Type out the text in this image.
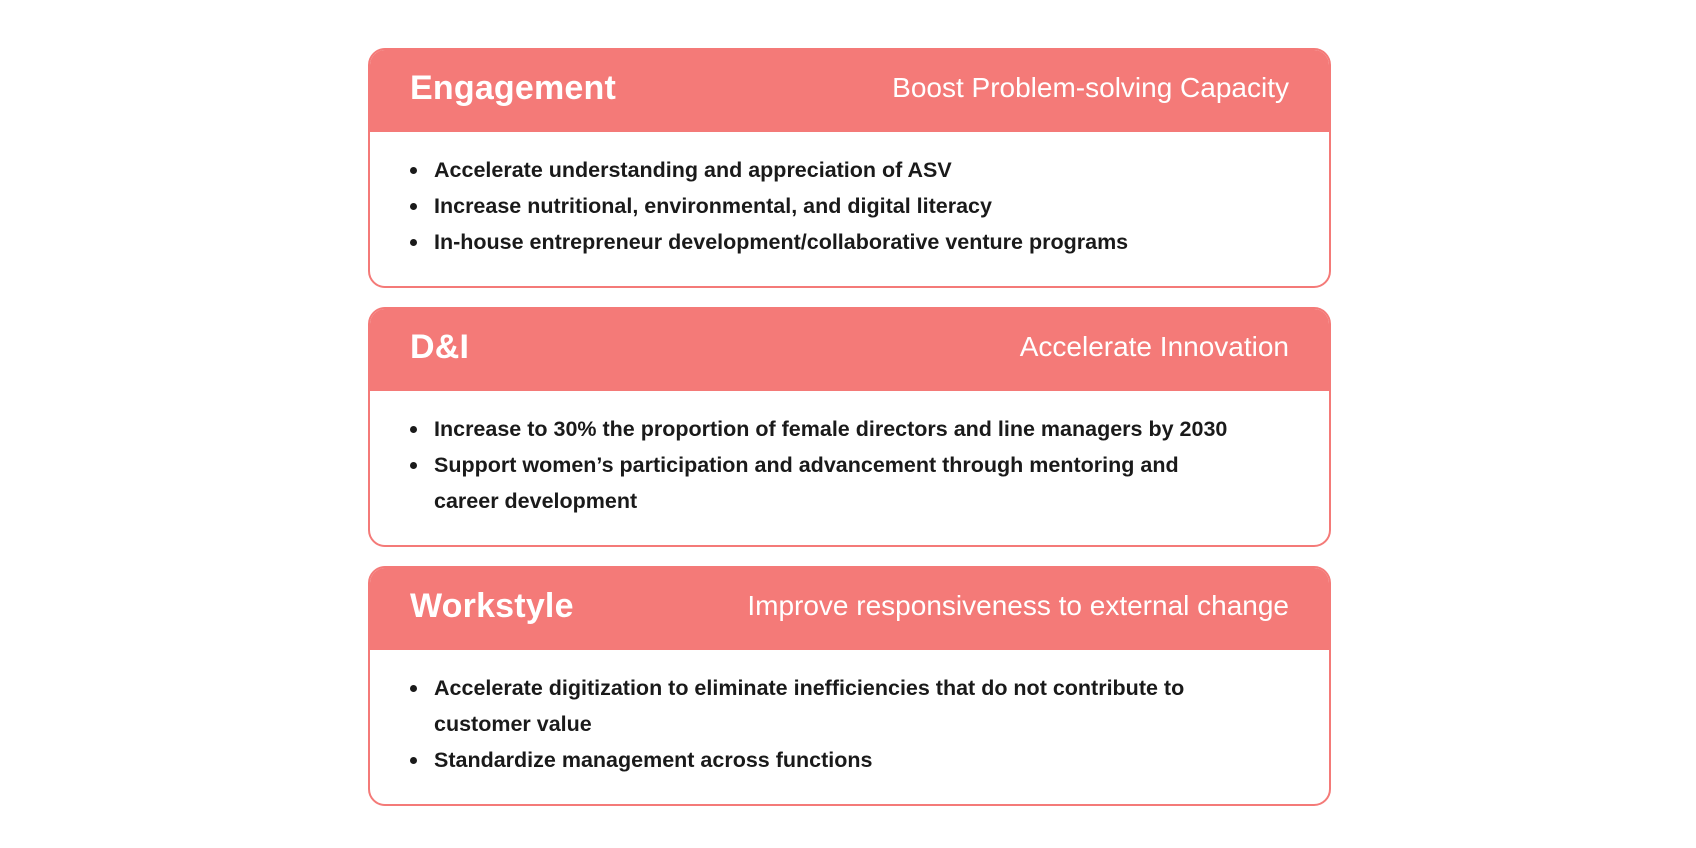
Engagement	Boost Problem-solving Capacity
Accelerate understanding and appreciation of ASV
Increase nutritional, environmental, and digital literacy
In-house entrepreneur development/collaborative venture programs
D&I	Accelerate Innovation
Increase to 30% the proportion of female directors and line managers by 2030
Support women’s participation and advancement through mentoring and career development
Workstyle	Improve responsiveness to external change
Accelerate digitization to eliminate inefficiencies that do not contribute to customer value
Standardize management across functions
